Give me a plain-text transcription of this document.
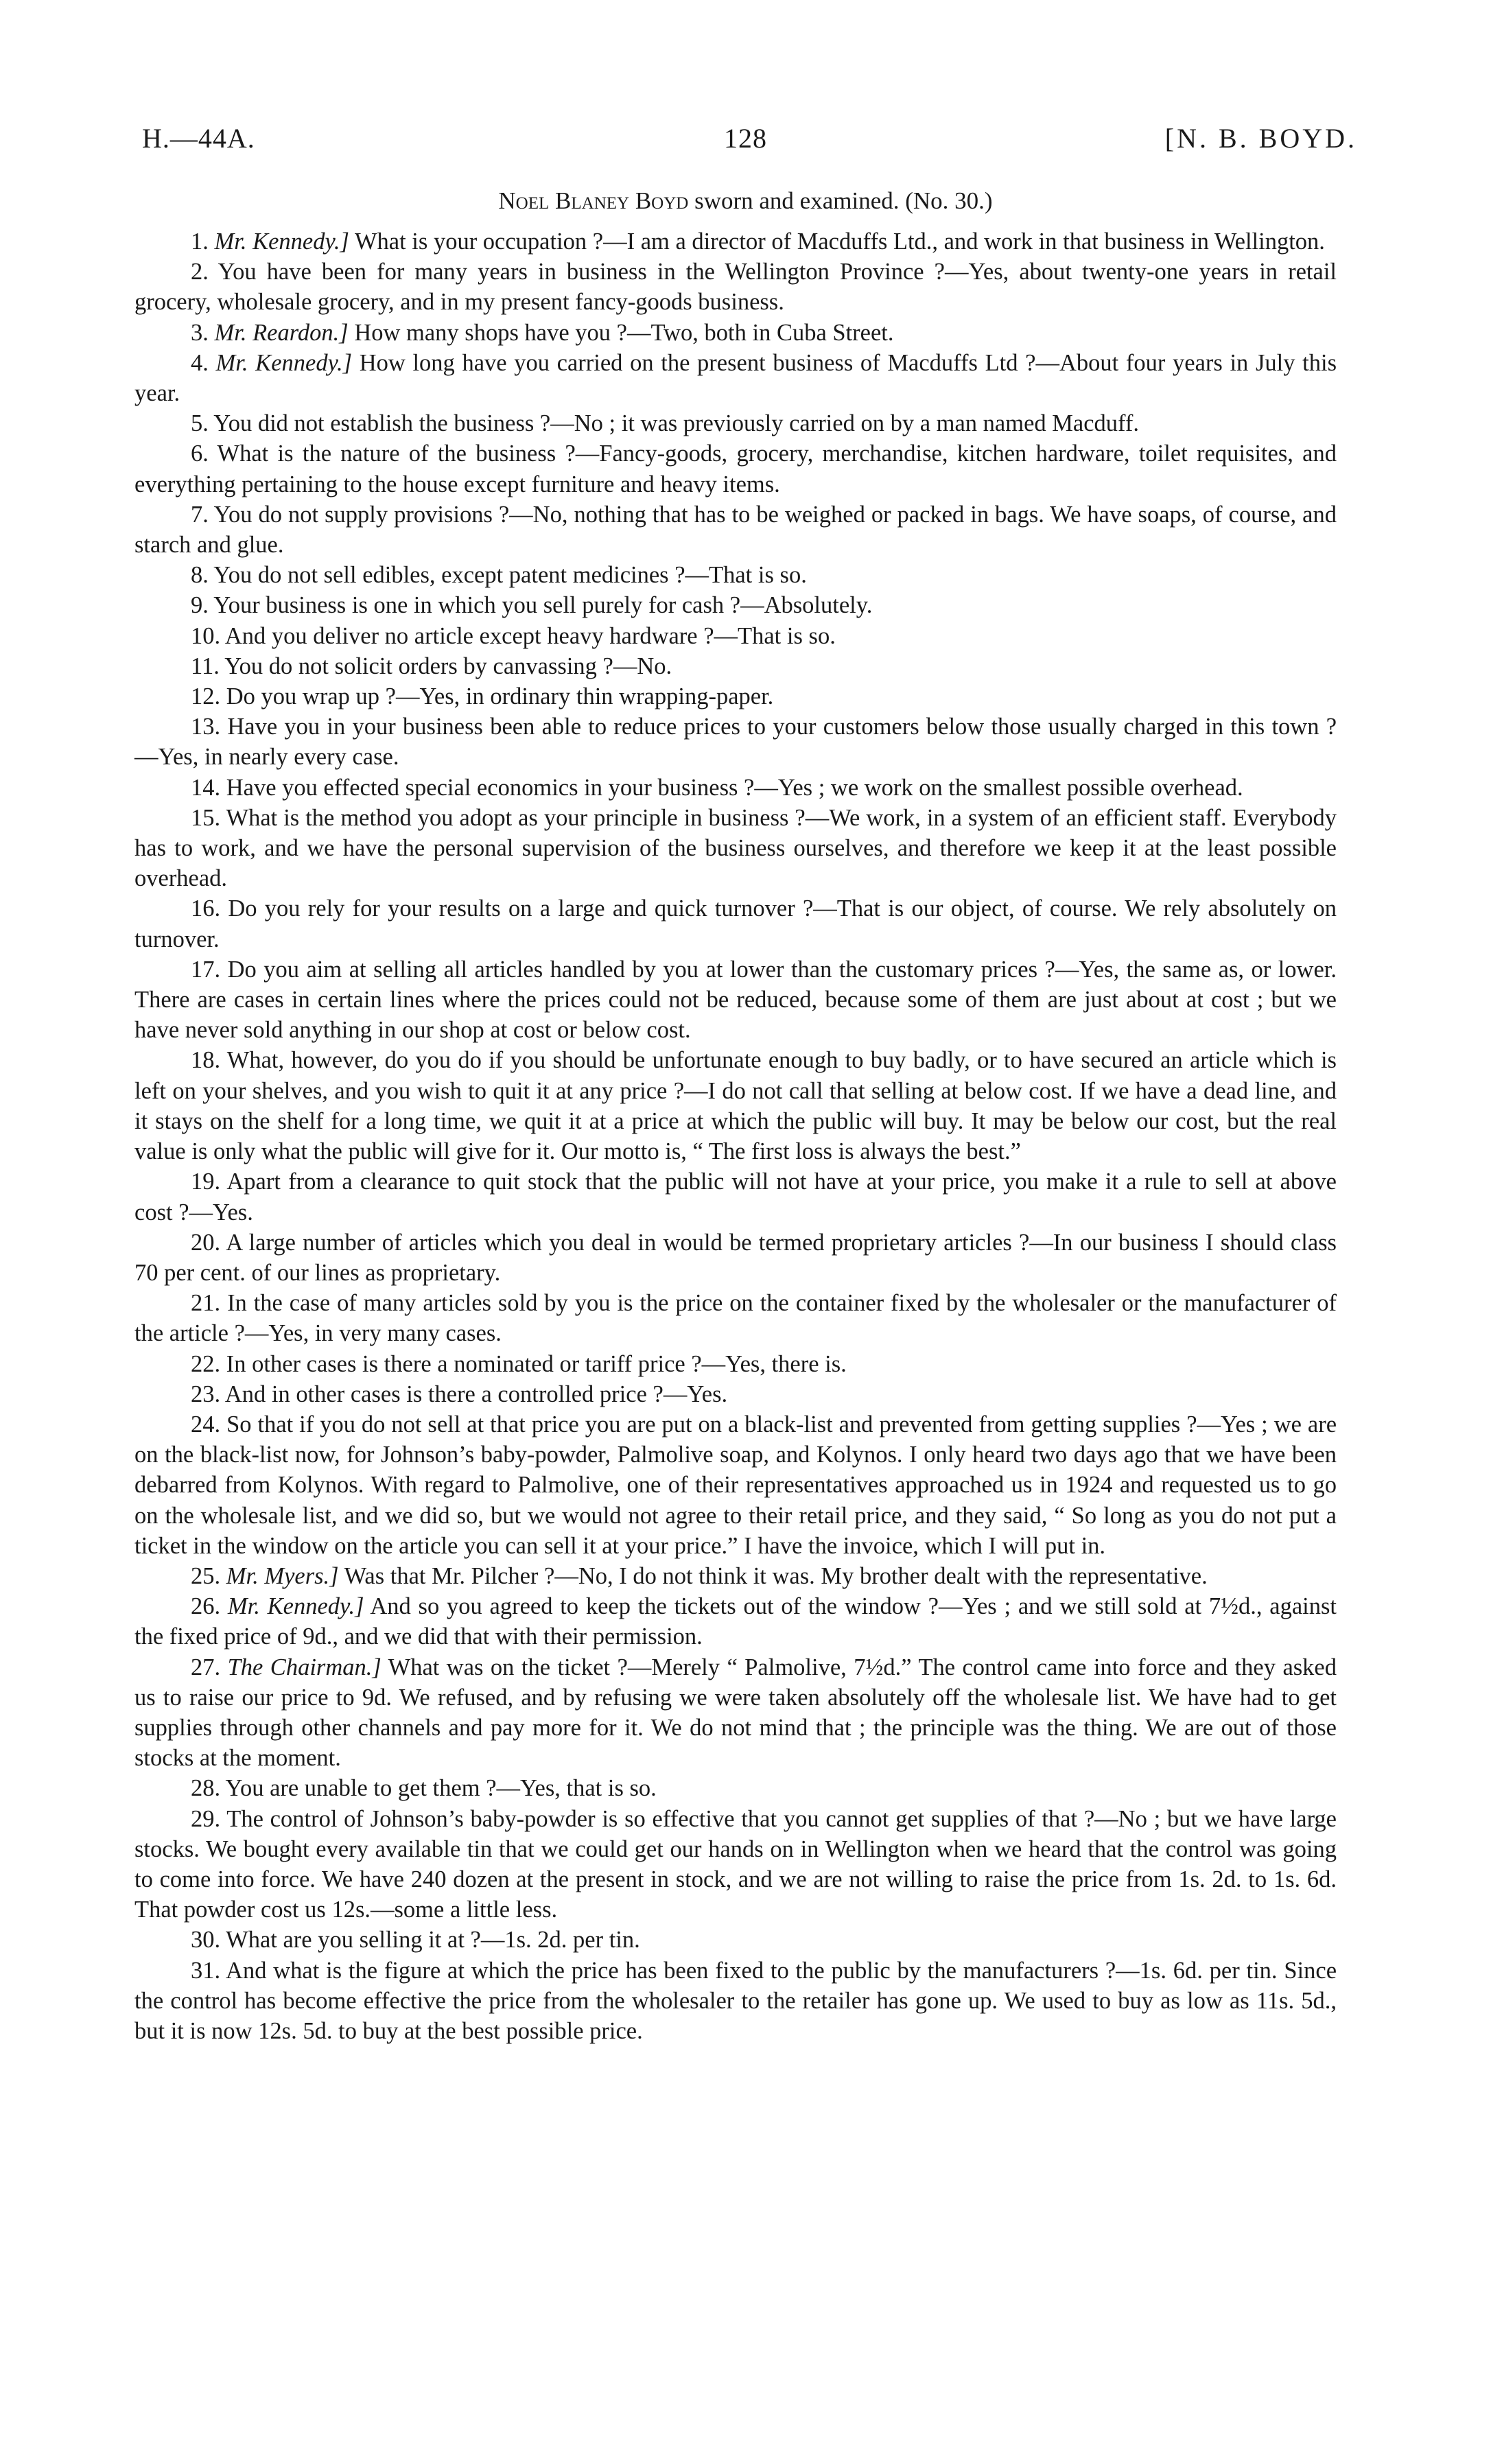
H.—44A.	128	[N. B. BOYD.
Noel Blaney Boyd sworn and examined. (No. 30.)

1. Mr. Kennedy.] What is your occupation ?—I am a director of Macduffs Ltd., and work in that business in Wellington.

2. You have been for many years in business in the Wellington Province ?—Yes, about twenty-one years in retail grocery, wholesale grocery, and in my present fancy-goods business.

3. Mr. Reardon.] How many shops have you ?—Two, both in Cuba Street.

4. Mr. Kennedy.] How long have you carried on the present business of Macduffs Ltd ?—About four years in July this year.

5. You did not establish the business ?—No ; it was previously carried on by a man named Macduff.

6. What is the nature of the business ?—Fancy-goods, grocery, merchandise, kitchen hardware, toilet requisites, and everything pertaining to the house except furniture and heavy items.

7. You do not supply provisions ?—No, nothing that has to be weighed or packed in bags. We have soaps, of course, and starch and glue.

8. You do not sell edibles, except patent medicines ?—That is so.

9. Your business is one in which you sell purely for cash ?—Absolutely.

10. And you deliver no article except heavy hardware ?—That is so.

11. You do not solicit orders by canvassing ?—No.

12. Do you wrap up ?—Yes, in ordinary thin wrapping-paper.

13. Have you in your business been able to reduce prices to your customers below those usually charged in this town ?—Yes, in nearly every case.

14. Have you effected special economics in your business ?—Yes ; we work on the smallest possible overhead.

15. What is the method you adopt as your principle in business ?—We work, in a system of an efficient staff. Everybody has to work, and we have the personal supervision of the business ourselves, and therefore we keep it at the least possible overhead.

16. Do you rely for your results on a large and quick turnover ?—That is our object, of course. We rely absolutely on turnover.

17. Do you aim at selling all articles handled by you at lower than the customary prices ?—Yes, the same as, or lower. There are cases in certain lines where the prices could not be reduced, because some of them are just about at cost ; but we have never sold anything in our shop at cost or below cost.

18. What, however, do you do if you should be unfortunate enough to buy badly, or to have secured an article which is left on your shelves, and you wish to quit it at any price ?—I do not call that selling at below cost. If we have a dead line, and it stays on the shelf for a long time, we quit it at a price at which the public will buy. It may be below our cost, but the real value is only what the public will give for it. Our motto is, “ The first loss is always the best.”

19. Apart from a clearance to quit stock that the public will not have at your price, you make it a rule to sell at above cost ?—Yes.

20. A large number of articles which you deal in would be termed proprietary articles ?—In our business I should class 70 per cent. of our lines as proprietary.

21. In the case of many articles sold by you is the price on the container fixed by the wholesaler or the manufacturer of the article ?—Yes, in very many cases.

22. In other cases is there a nominated or tariff price ?—Yes, there is.

23. And in other cases is there a controlled price ?—Yes.

24. So that if you do not sell at that price you are put on a black-list and prevented from getting supplies ?—Yes ; we are on the black-list now, for Johnson’s baby-powder, Palmolive soap, and Kolynos. I only heard two days ago that we have been debarred from Kolynos. With regard to Palmolive, one of their representatives approached us in 1924 and requested us to go on the wholesale list, and we did so, but we would not agree to their retail price, and they said, “ So long as you do not put a ticket in the window on the article you can sell it at your price.” I have the invoice, which I will put in.

25. Mr. Myers.] Was that Mr. Pilcher ?—No, I do not think it was. My brother dealt with the representative.

26. Mr. Kennedy.] And so you agreed to keep the tickets out of the window ?—Yes ; and we still sold at 7½d., against the fixed price of 9d., and we did that with their permission.

27. The Chairman.] What was on the ticket ?—Merely “ Palmolive, 7½d.” The control came into force and they asked us to raise our price to 9d. We refused, and by refusing we were taken absolutely off the wholesale list. We have had to get supplies through other channels and pay more for it. We do not mind that ; the principle was the thing. We are out of those stocks at the moment.

28. You are unable to get them ?—Yes, that is so.

29. The control of Johnson’s baby-powder is so effective that you cannot get supplies of that ?—No ; but we have large stocks. We bought every available tin that we could get our hands on in Wellington when we heard that the control was going to come into force. We have 240 dozen at the present in stock, and we are not willing to raise the price from 1s. 2d. to 1s. 6d. That powder cost us 12s.—some a little less.

30. What are you selling it at ?—1s. 2d. per tin.

31. And what is the figure at which the price has been fixed to the public by the manufacturers ?—1s. 6d. per tin. Since the control has become effective the price from the wholesaler to the retailer has gone up. We used to buy as low as 11s. 5d., but it is now 12s. 5d. to buy at the best possible price.
